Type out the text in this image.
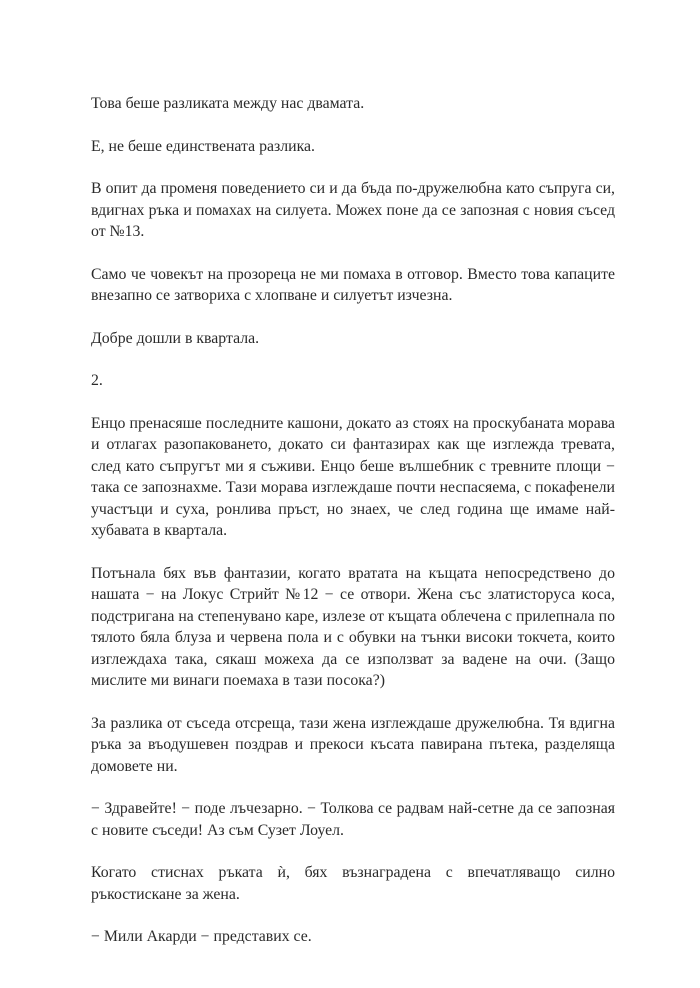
Това беше разликата между нас двамата.

Е, не беше единствената разлика.

В опит да променя поведението си и да бъда по-дружелюбна като съпруга си, вдигнах ръка и помахах на силуета. Можех поне да се запозная с новия съсед от №13.

Само че човекът на прозореца не ми помаха в отговор. Вместо това капаците внезапно се затвориха с хлопване и силуетът изчезна.

Добре дошли в квартала.

2.

Енцо пренасяше последните кашони, докато аз стоях на проскубаната морава и отлагах разопаковането, докато си фантазирах как ще изглежда тревата, след като съпругът ми я съживи. Енцо беше вълшебник с тревните площи − така се запознахме. Тази морава изглеждаше почти неспасяема, с покафенели участъци и суха, ронлива пръст, но знаех, че след година ще имаме най-хубавата в квартала.

Потънала бях във фантазии, когато вратата на къщата непосредствено до нашата − на Локус Стрийт №12 − се отвори. Жена със златисторуса коса, подстригана на степенувано каре, излезе от къщата облечена с прилепнала по тялото бяла блуза и червена пола и с обувки на тънки високи токчета, които изглеждаха така, сякаш можеха да се използват за вадене на очи. (Защо мислите ми винаги поемаха в тази посока?)

За разлика от съседа отсреща, тази жена изглеждаше дружелюбна. Тя вдигна ръка за въодушевен поздрав и прекоси късата павирана пътека, разделяща домовете ни.

− Здравейте! − поде лъчезарно. − Толкова се радвам най-сетне да се запозная с новите съседи! Аз съм Сузет Лоуел.

Когато стиснах ръката ѝ, бях възнаградена с впечатляващо силно ръкостискане за жена.

− Мили Акарди − представих се.
